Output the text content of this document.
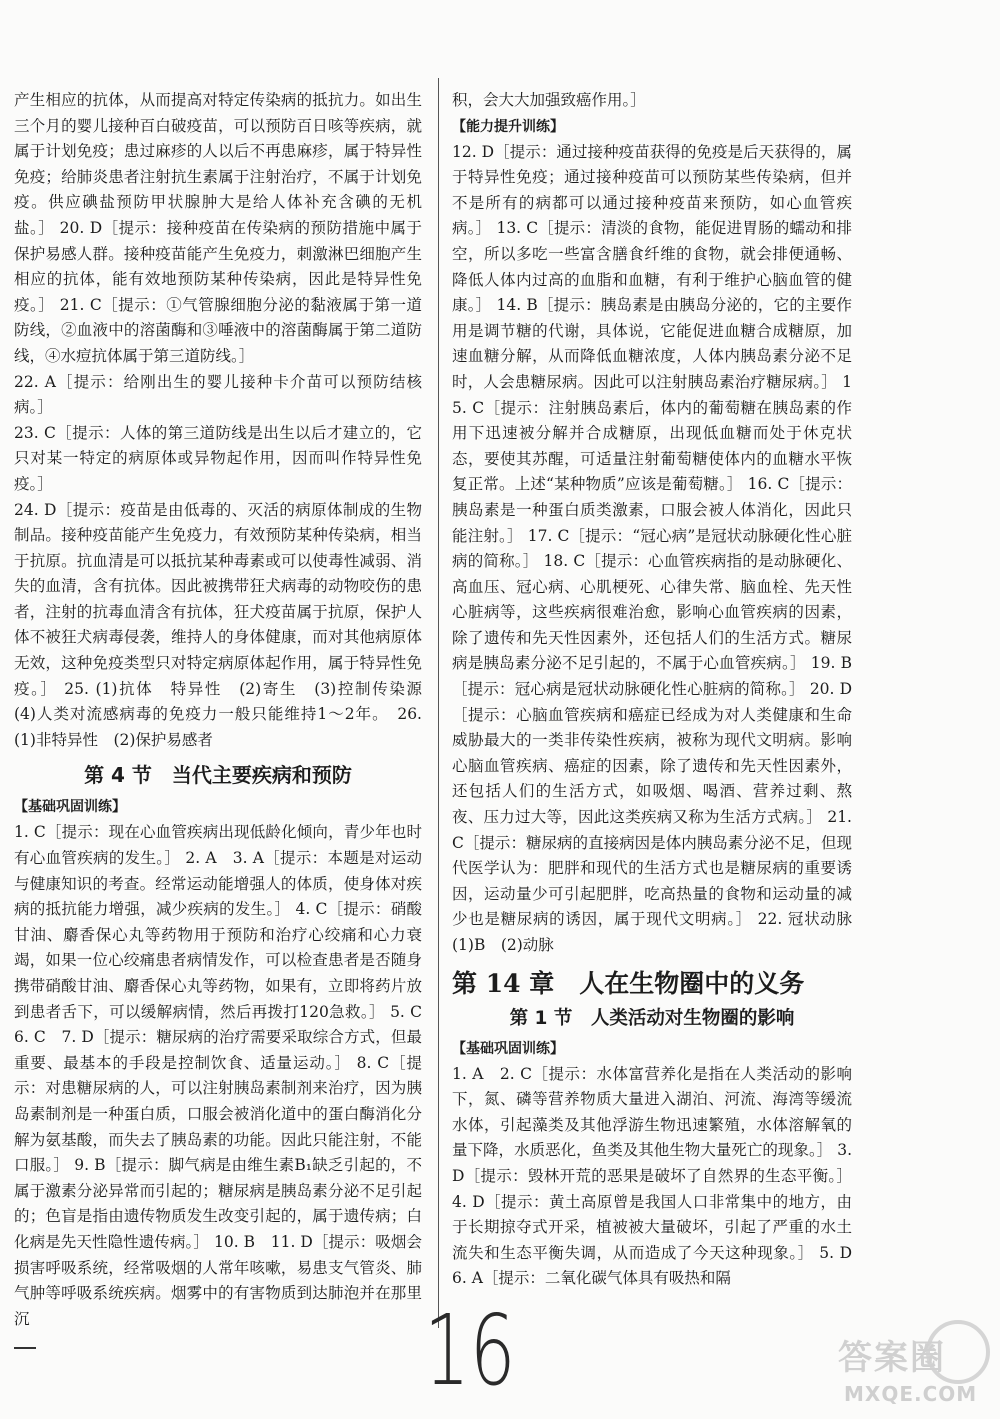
产生相应的抗体，从而提高对特定传染病的抵抗力。如出生三个月的婴儿接种百白破疫苗，可以预防百日咳等疾病，就属于计划免疫；患过麻疹的人以后不再患麻疹，属于特异性免疫；给肺炎患者注射抗生素属于注射治疗，不属于计划免疫。供应碘盐预防甲状腺肿大是给人体补充含碘的无机盐。］ 20. D［提示：接种疫苗在传染病的预防措施中属于保护易感人群。接种疫苗能产生免疫力，刺激淋巴细胞产生相应的抗体，能有效地预防某种传染病，因此是特异性免疫。］ 21. C［提示：①气管腺细胞分泌的黏液属于第一道防线，②血液中的溶菌酶和③唾液中的溶菌酶属于第二道防线，④水痘抗体属于第三道防线。］

22. A［提示：给刚出生的婴儿接种卡介苗可以预防结核病。］

23. C［提示：人体的第三道防线是出生以后才建立的，它只对某一特定的病原体或异物起作用，因而叫作特异性免疫。］

24. D［提示：疫苗是由低毒的、灭活的病原体制成的生物制品。接种疫苗能产生免疫力，有效预防某种传染病，相当于抗原。抗血清是可以抵抗某种毒素或可以使毒性减弱、消失的血清，含有抗体。因此被携带狂犬病毒的动物咬伤的患者，注射的抗毒血清含有抗体，狂犬疫苗属于抗原，保护人体不被狂犬病毒侵袭，维持人的身体健康，而对其他病原体无效，这种免疫类型只对特定病原体起作用，属于特异性免疫。］ 25. (1)抗体　特异性　(2)寄生　(3)控制传染源　(4)人类对流感病毒的免疫力一般只能维持1～2年。　26. (1)非特异性　(2)保护易感者

第 4 节　当代主要疾病和预防
【基础巩固训练】

1. C［提示：现在心血管疾病出现低龄化倾向，青少年也时有心血管疾病的发生。］ 2. A　3. A［提示：本题是对运动与健康知识的考查。经常运动能增强人的体质，使身体对疾病的抵抗能力增强，减少疾病的发生。］ 4. C［提示：硝酸甘油、麝香保心丸等药物用于预防和治疗心绞痛和心力衰竭，如果一位心绞痛患者病情发作，可以检查患者是否随身携带硝酸甘油、麝香保心丸等药物，如果有，立即将药片放到患者舌下，可以缓解病情，然后再拨打120急救。］ 5. C　6. C　7. D［提示：糖尿病的治疗需要采取综合方式，但最重要、最基本的手段是控制饮食、适量运动。］ 8. C［提示：对患糖尿病的人，可以注射胰岛素制剂来治疗，因为胰岛素制剂是一种蛋白质，口服会被消化道中的蛋白酶消化分解为氨基酸，而失去了胰岛素的功能。因此只能注射，不能口服。］ 9. B［提示：脚气病是由维生素B₁缺乏引起的，不属于激素分泌异常而引起的；糖尿病是胰岛素分泌不足引起的；色盲是指由遗传物质发生改变引起的，属于遗传病；白化病是先天性隐性遗传病。］ 10. B　11. D［提示：吸烟会损害呼吸系统，经常吸烟的人常年咳嗽，易患支气管炎、肺气肿等呼吸系统疾病。烟雾中的有害物质到达肺泡并在那里沉

积，会大大加强致癌作用。］

【能力提升训练】

12. D［提示：通过接种疫苗获得的免疫是后天获得的，属于特异性免疫；通过接种疫苗可以预防某些传染病，但并不是所有的病都可以通过接种疫苗来预防，如心血管疾病。］ 13. C［提示：清淡的食物，能促进胃肠的蠕动和排空，所以多吃一些富含膳食纤维的食物，就会排便通畅、降低人体内过高的血脂和血糖，有利于维护心脑血管的健康。］ 14. B［提示：胰岛素是由胰岛分泌的，它的主要作用是调节糖的代谢，具体说，它能促进血糖合成糖原，加速血糖分解，从而降低血糖浓度，人体内胰岛素分泌不足时，人会患糖尿病。因此可以注射胰岛素治疗糖尿病。］ 15. C［提示：注射胰岛素后，体内的葡萄糖在胰岛素的作用下迅速被分解并合成糖原，出现低血糖而处于休克状态，要使其苏醒，可适量注射葡萄糖使体内的血糖水平恢复正常。上述“某种物质”应该是葡萄糖。］ 16. C［提示：胰岛素是一种蛋白质类激素，口服会被人体消化，因此只能注射。］ 17. C［提示：“冠心病”是冠状动脉硬化性心脏病的简称。］ 18. C［提示：心血管疾病指的是动脉硬化、高血压、冠心病、心肌梗死、心律失常、脑血栓、先天性心脏病等，这些疾病很难治愈，影响心血管疾病的因素，除了遗传和先天性因素外，还包括人们的生活方式。糖尿病是胰岛素分泌不足引起的，不属于心血管疾病。］ 19. B［提示：冠心病是冠状动脉硬化性心脏病的简称。］ 20. D［提示：心脑血管疾病和癌症已经成为对人类健康和生命威胁最大的一类非传染性疾病，被称为现代文明病。影响心脑血管疾病、癌症的因素，除了遗传和先天性因素外，还包括人们的生活方式，如吸烟、喝酒、营养过剩、熬夜、压力过大等，因此这类疾病又称为生活方式病。］ 21. C［提示：糖尿病的直接病因是体内胰岛素分泌不足，但现代医学认为：肥胖和现代的生活方式也是糖尿病的重要诱因，运动量少可引起肥胖，吃高热量的食物和运动量的减少也是糖尿病的诱因，属于现代文明病。］ 22. 冠状动脉　(1)B　(2)动脉

第 14 章　人在生物圈中的义务
第 1 节　人类活动对生物圈的影响
【基础巩固训练】

1. A　2. C［提示：水体富营养化是指在人类活动的影响下，氮、磷等营养物质大量进入湖泊、河流、海湾等缓流水体，引起藻类及其他浮游生物迅速繁殖，水体溶解氧的量下降，水质恶化，鱼类及其他生物大量死亡的现象。］ 3. D［提示：毁林开荒的恶果是破坏了自然界的生态平衡。］ 4. D［提示：黄土高原曾是我国人口非常集中的地方，由于长期掠夺式开采，植被被大量破坏，引起了严重的水土流失和生态平衡失调，从而造成了今天这种现象。］ 5. D　6. A［提示：二氧化碳气体具有吸热和隔

16	答案圈
MXQE.COM
